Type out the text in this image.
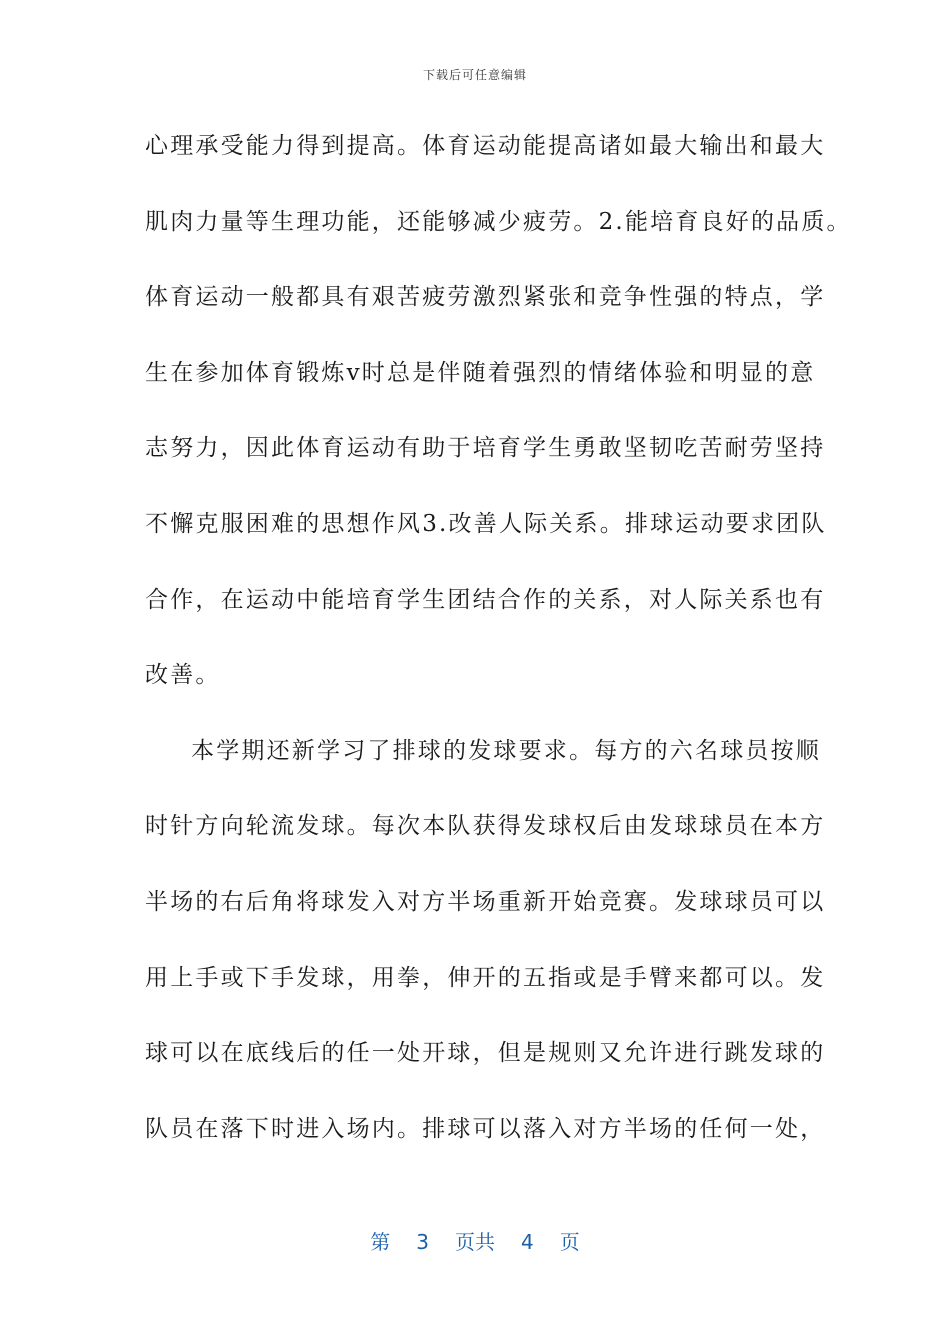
下载后可任意编辑
心理承受能力得到提高。体育运动能提高诸如最大输出和最大
肌肉力量等生理功能，还能够减少疲劳。2.能培育良好的品质。
体育运动一般都具有艰苦疲劳激烈紧张和竞争性强的特点，学
生在参加体育锻炼v时总是伴随着强烈的情绪体验和明显的意
志努力，因此体育运动有助于培育学生勇敢坚韧吃苦耐劳坚持
不懈克服困难的思想作风3.改善人际关系。排球运动要求团队
合作，在运动中能培育学生团结合作的关系，对人际关系也有
改善。
本学期还新学习了排球的发球要求。每方的六名球员按顺
时针方向轮流发球。每次本队获得发球权后由发球球员在本方
半场的右后角将球发入对方半场重新开始竞赛。发球球员可以
用上手或下手发球，用拳，伸开的五指或是手臂来都可以。发
球可以在底线后的任一处开球，但是规则又允许进行跳发球的
队员在落下时进入场内。排球可以落入对方半场的任何一处，
第 3 页共 4 页
